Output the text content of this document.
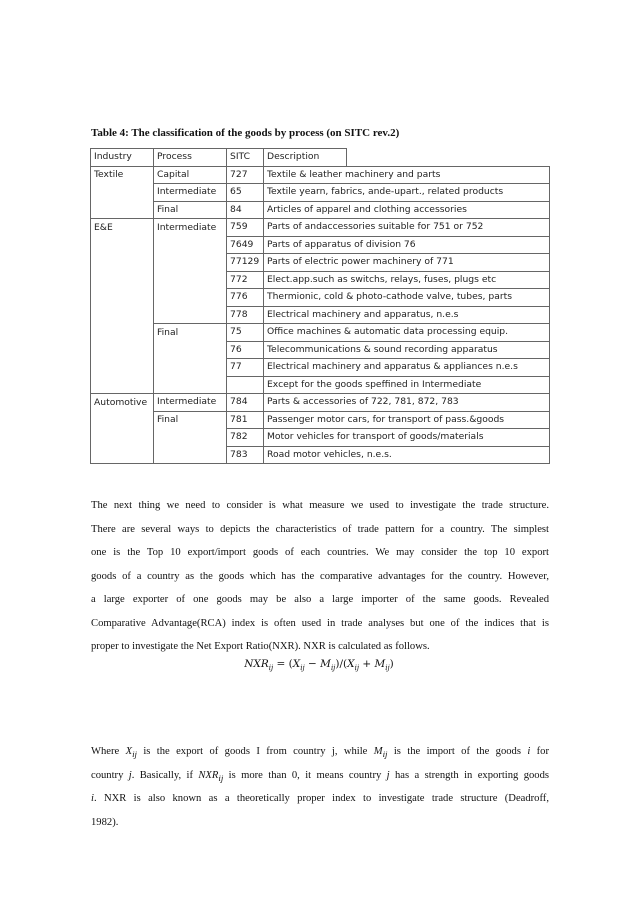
Table 4: The classification of the goods by process (on SITC rev.2)
Industry	Process	SITC	Description	
Textile	Capital	727	Textile & leather machinery and parts	
	Intermediate	65	Textile yearn, fabrics, ande-upart., related products	
	Final	84	Articles of apparel and clothing accessories	
E&E	Intermediate	759	Parts of andaccessories suitable for 751 or 752	
		7649	Parts of apparatus of division 76	
		77129	Parts of electric power machinery of 771	
		772	Elect.app.such as switchs, relays, fuses, plugs etc	
		776	Thermionic, cold & photo-cathode valve, tubes, parts	
		778	Electrical machinery and apparatus, n.e.s	
	Final	75	Office machines & automatic data processing equip.	
		76	Telecommunications & sound recording apparatus	
		77	Electrical machinery and apparatus & appliances n.e.s	
			Except for the goods speffined in Intermediate	
Automotive	Intermediate	784	Parts & accessories of 722, 781, 872, 783	
	Final	781	Passenger motor cars, for transport of pass.&goods	
		782	Motor vehicles for transport of goods/materials	
		783	Road motor vehicles, n.e.s.	
The next thing we need to consider is what measure we used to investigate the trade structure.
There are several ways to depicts the characteristics of trade pattern for a country. The simplest
one is the Top 10 export/import goods of each countries. We may consider the top 10 export
goods of a country as the goods which has the comparative advantages for the country. However,
a large exporter of one goods may be also a large importer of the same goods. Revealed
Comparative Advantage(RCA) index is often used in trade analyses but one of the indices that is
proper to investigate the Net Export Ratio(NXR). NXR is calculated as follows.
$NXR_{ij} = (X_{ij} - M_{ij})/(X_{ij} + M_{ij})$
Where $X_{ij}$ is the export of goods I from country j, while $M_{ij}$ is the import of the goods i for
country j. Basically, if $NXR_{ij}$ is more than 0, it means country j has a strength in exporting goods
i. NXR is also known as a theoretically proper index to investigate trade structure (Deadroff,
1982).
